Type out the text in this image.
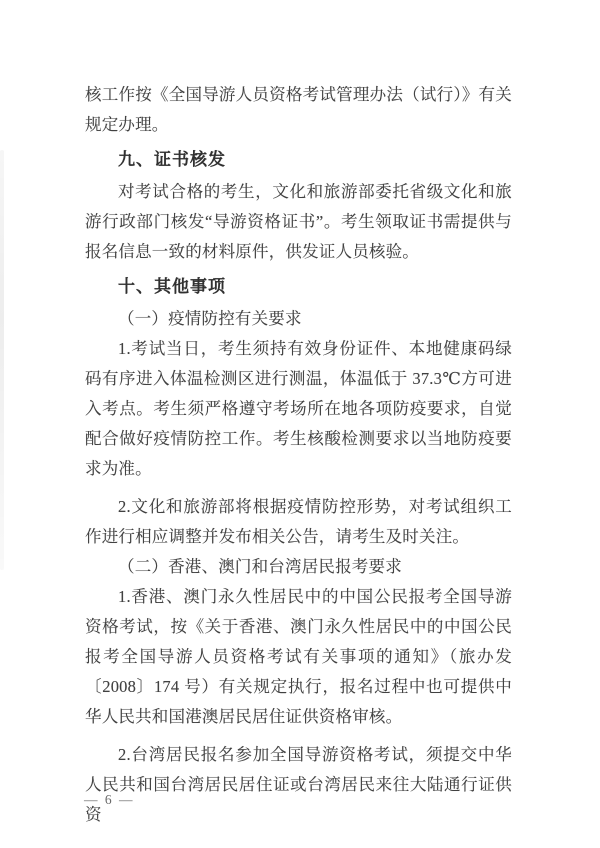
核工作按《全国导游人员资格考试管理办法（试行）》有关规定办理。

九、证书核发

对考试合格的考生，文化和旅游部委托省级文化和旅游行政部门核发“导游资格证书”。考生领取证书需提供与报名信息一致的材料原件，供发证人员核验。

十、其他事项

（一）疫情防控有关要求

1.考试当日，考生须持有效身份证件、本地健康码绿码有序进入体温检测区进行测温，体温低于 37.3℃方可进入考点。考生须严格遵守考场所在地各项防疫要求，自觉配合做好疫情防控工作。考生核酸检测要求以当地防疫要求为准。

2.文化和旅游部将根据疫情防控形势，对考试组织工作进行相应调整并发布相关公告，请考生及时关注。

（二）香港、澳门和台湾居民报考要求

1.香港、澳门永久性居民中的中国公民报考全国导游资格考试，按《关于香港、澳门永久性居民中的中国公民报考全国导游人员资格考试有关事项的通知》（旅办发〔2008〕174 号）有关规定执行，报名过程中也可提供中华人民共和国港澳居民居住证供资格审核。

2.台湾居民报名参加全国导游资格考试，须提交中华人民共和国台湾居民居住证或台湾居民来往大陆通行证供资

— 6 —
